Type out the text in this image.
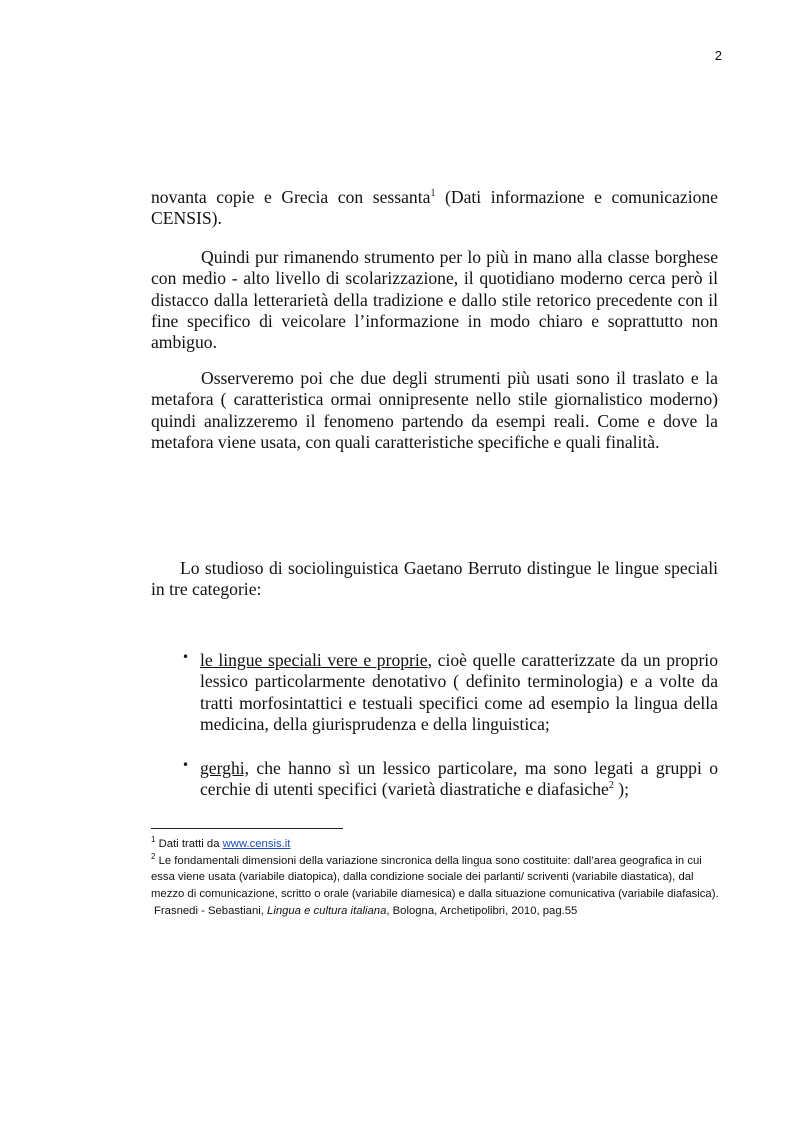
2

novanta copie e Grecia con sessanta$^1$ (Dati informazione e comunicazione CENSIS).

Quindi pur rimanendo strumento per lo più in mano alla classe borghese con medio - alto livello di scolarizzazione, il quotidiano moderno cerca però il distacco dalla letterarietà della tradizione e dallo stile retorico precedente con il fine specifico di veicolare l’informazione in modo chiaro e soprattutto non ambiguo.

Osserveremo poi che due degli strumenti più usati sono il traslato e la metafora ( caratteristica ormai onnipresente nello stile giornalistico moderno) quindi analizzeremo il fenomeno partendo da esempi reali. Come e dove la metafora viene usata, con quali caratteristiche specifiche e quali finalità.

Lo studioso di sociolinguistica Gaetano Berruto distingue le lingue speciali in tre categorie:

• le lingue speciali vere e proprie, cioè quelle caratterizzate da un proprio lessico particolarmente denotativo ( definito terminologia) e a volte da tratti morfosintattici e testuali specifici come ad esempio la lingua della medicina, della giurisprudenza e della linguistica;

• gerghi, che hanno sì un lessico particolare, ma sono legati a gruppi o cerchie di utenti specifici (varietà diastratiche e diafasiche$^2$ );

$^1$ Dati tratti da www.censis.it

$^2$ Le fondamentali dimensioni della variazione sincronica della lingua sono costituite: dall’area geografica in cui essa viene usata (variabile diatopica), dalla condizione sociale dei parlanti/ scriventi (variabile diastatica), dal mezzo di comunicazione, scritto o orale (variabile diamesica) e dalla situazione comunicativa (variabile diafasica).

Frasnedi - Sebastiani, Lingua e cultura italiana, Bologna, Archetipolibri, 2010, pag.55
